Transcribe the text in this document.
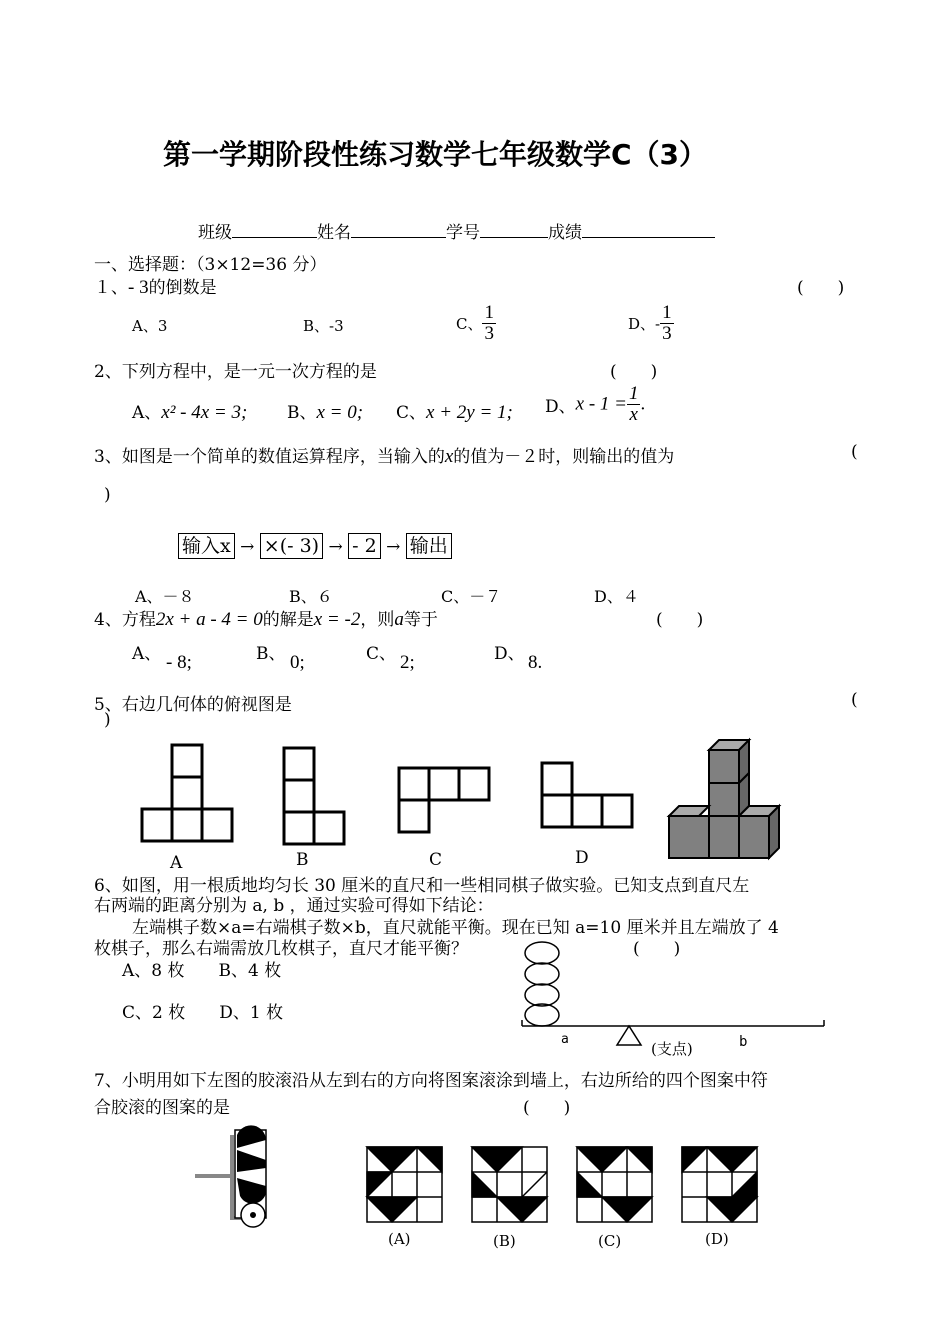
第一学期阶段性练习数学七年级数学C（3）
班级	姓名	学号	成绩
一、选择题：（3×12=36 分）
１、- 3的倒数是	(　　)
A、3	B、-3	C、 $\frac{1}{3}$	D、- $\frac{1}{3}$
2、下列方程中，是一元一次方程的是	(　　)
A、x² - 4x = 3; B、x = 0; C、x + 2y = 1; D、$x - 1 = \frac{1}{x}$ .
3、如图是一个简单的数值运算程序，当输入的x的值为－２时，则输出的值为	(
)
输入x → ×(- 3) → - 2 → 输出
A、－８	B、６	C、－７	D、４
4、方程2x + a - 4 = 0的解是x = -2，则a等于	(　　)
A、 - 8;	B、 0;	C、 2;	D、 8.
5、右边几何体的俯视图是	(
)
A	B	C	D
6、如图，用一根质地均匀长 30 厘米的直尺和一些相同棋子做实验。已知支点到直尺左
右两端的距离分别为 a, b ，通过实验可得如下结论：
左端棋子数×a=右端棋子数×b，直尺就能平衡。现在已知 a=10 厘米并且左端放了 4
枚棋子，那么右端需放几枚棋子，直尺才能平衡？	(　　)
A、8 枚　　B、4 枚
C、2 枚　　D、1 枚
a
(支点)	b
7、小明用如下左图的胶滚沿从左到右的方向将图案滚涂到墙上，右边所给的四个图案中符
合胶滚的图案的是	(　　)
(A)	(B)	(C)	(D)
